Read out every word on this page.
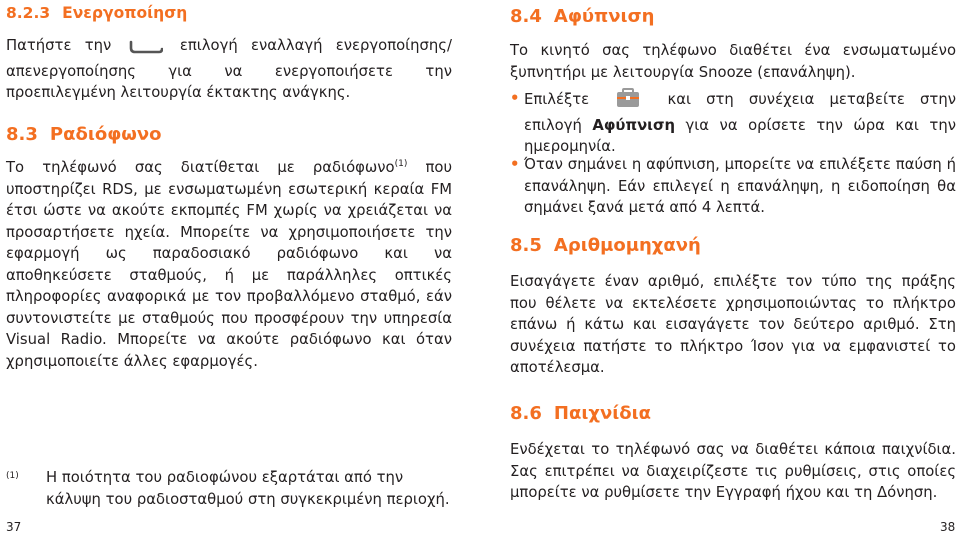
8.2.3 Ενεργοποίηση

Πατήστε την	επιλογή εναλλαγή ενεργοποίησης/ απενεργοποίησης για να ενεργοποιήσετε την προεπιλεγμένη λειτουργία έκτακτης ανάγκης.

8.3 Ραδιόφωνο

Το τηλέφωνό σας διατίθεται με ραδιόφωνο$^{(1)}$ που υποστηρίζει RDS, με ενσωματωμένη εσωτερική κεραία FM έτσι ώστε να ακούτε εκπομπές FM χωρίς να χρειάζεται να προσαρτήσετε ηχεία. Μπορείτε να χρησιμοποιήσετε την εφαρμογή ως παραδοσιακό ραδιόφωνο και να αποθηκεύσετε σταθμούς, ή με παράλληλες οπτικές πληροφορίες αναφορικά με τον προβαλλόμενο σταθμό, εάν συντονιστείτε με σταθμούς που προσφέρουν την υπηρεσία Visual Radio. Μπορείτε να ακούτε ραδιόφωνο και όταν χρησιμοποιείτε άλλες εφαρμογές.

(1) Η ποιότητα του ραδιοφώνου εξαρτάται από την κάλυψη του ραδιοσταθμού στη συγκεκριμένη περιοχή.
37
8.4 Αφύπνιση

Το κινητό σας τηλέφωνο διαθέτει ένα ενσωματωμένο ξυπνητήρι με λειτουργία Snooze (επανάληψη).

• Επιλέξτε	και στη συνέχεια μεταβείτε στην επιλογή Αφύπνιση για να ορίσετε την ώρα και την ημερομηνία.
• Όταν σημάνει η αφύπνιση, μπορείτε να επιλέξετε παύση ή επανάληψη. Εάν επιλεγεί η επανάληψη, η ειδοποίηση θα σημάνει ξανά μετά από 4 λεπτά.
8.5 Αριθμομηχανή

Εισαγάγετε έναν αριθμό, επιλέξτε τον τύπο της πράξης που θέλετε να εκτελέσετε χρησιμοποιώντας το πλήκτρο επάνω ή κάτω και εισαγάγετε τον δεύτερο αριθμό. Στη συνέχεια πατήστε το πλήκτρο Ίσον για να εμφανιστεί το αποτέλεσμα.

8.6 Παιχνίδια

Ενδέχεται το τηλέφωνό σας να διαθέτει κάποια παιχνίδια. Σας επιτρέπει να διαχειρίζεστε τις ρυθμίσεις, στις οποίες μπορείτε να ρυθμίσετε την Εγγραφή ήχου και τη Δόνηση.

38
